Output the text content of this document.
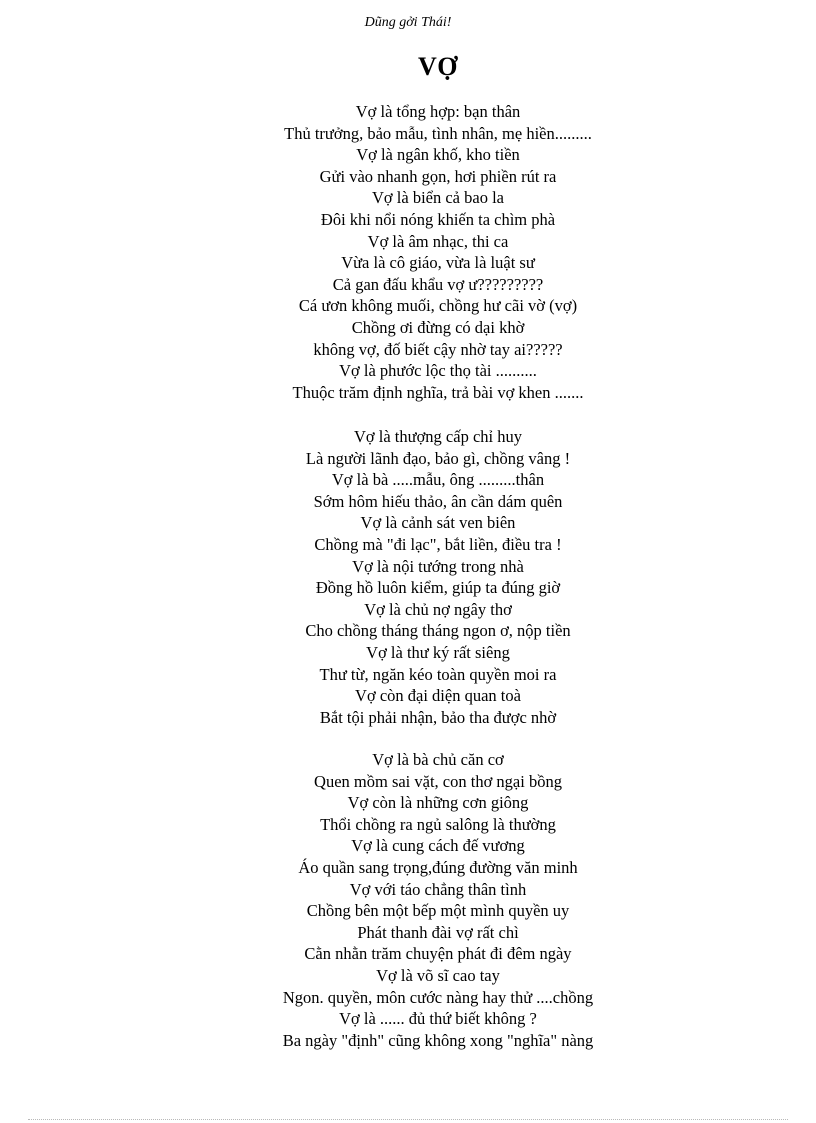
Dũng gởi Thái!
VỢ
Vợ là tổng hợp: bạn thân
Thủ trưởng, bảo mẫu, tình nhân, mẹ hiền.........
Vợ là ngân khố, kho tiền
Gửi vào nhanh gọn, hơi phiền rút ra
Vợ là biển cả bao la
Đôi khi nổi nóng khiến ta chìm phà
Vợ là âm nhạc, thi ca
Vừa là cô giáo, vừa là luật sư
Cả gan đấu khẩu vợ ư?????????
Cá ươn không muối, chồng hư cãi vờ (vợ)
Chồng ơi đừng có dại khờ
không vợ, đố biết cậy nhờ tay ai?????
Vợ là phước lộc thọ tài ..........
Thuộc trăm định nghĩa, trả bài vợ khen .......
Vợ là thượng cấp chỉ huy
Là người lãnh đạo, bảo gì, chồng vâng !
Vợ là bà .....mẫu, ông .........thân
Sớm hôm hiếu thảo, ân cần dám quên
Vợ là cảnh sát ven biên
Chồng mà "đi lạc", bắt liền, điều tra !
Vợ là nội tướng trong nhà
Đồng hồ luôn kiểm, giúp ta đúng giờ
Vợ là chủ nợ ngây thơ
Cho chồng tháng tháng ngon ơ, nộp tiền
Vợ là thư ký rất siêng
Thư từ, ngăn kéo toàn quyền moi ra
Vợ còn đại diện quan toà
Bắt tội phải nhận, bảo tha được nhờ
Vợ là bà chủ căn cơ
Quen mồm sai vặt, con thơ ngại bồng
Vợ còn là những cơn giông
Thổi chồng ra ngủ salông là thường
Vợ là cung cách đế vương
Áo quần sang trọng,đúng đường văn minh
Vợ với táo chẳng thân tình
Chồng bên một bếp một mình quyền uy
Phát thanh đài vợ rất chì
Cằn nhằn trăm chuyện phát đi đêm ngày
Vợ là võ sĩ cao tay
Ngon. quyền, môn cước nàng hay thử ....chồng
Vợ là ...... đủ thứ biết không ?
Ba ngày "định" cũng không xong "nghĩa" nàng
